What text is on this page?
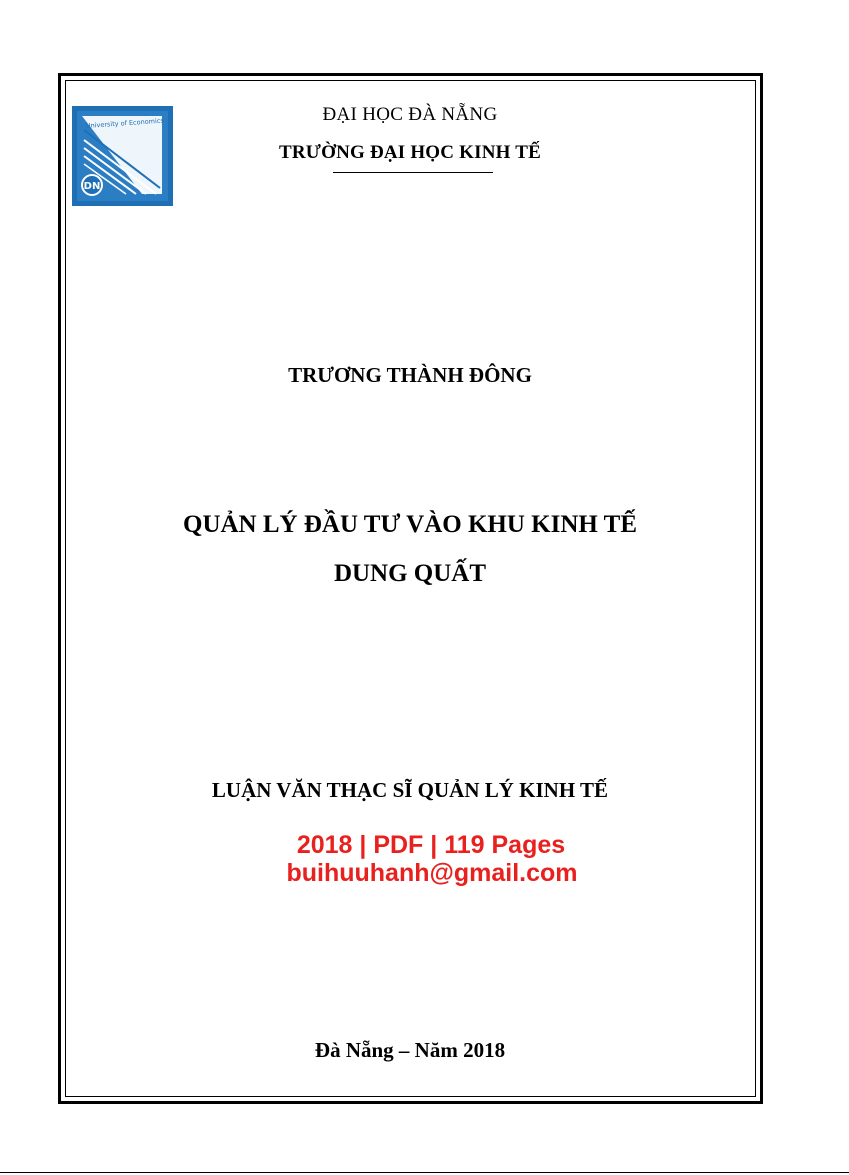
University of Economics
DN
ĐẠI HỌC ĐÀ NẴNG
TRƯỜNG ĐẠI HỌC KINH TẾ
TRƯƠNG THÀNH ĐÔNG
QUẢN LÝ ĐẦU TƯ VÀO KHU KINH TẾ
DUNG QUẤT
LUẬN VĂN THẠC SĨ QUẢN LÝ KINH TẾ
2018 | PDF | 119 Pages
buihuuhanh@gmail.com
Đà Nẵng – Năm 2018
